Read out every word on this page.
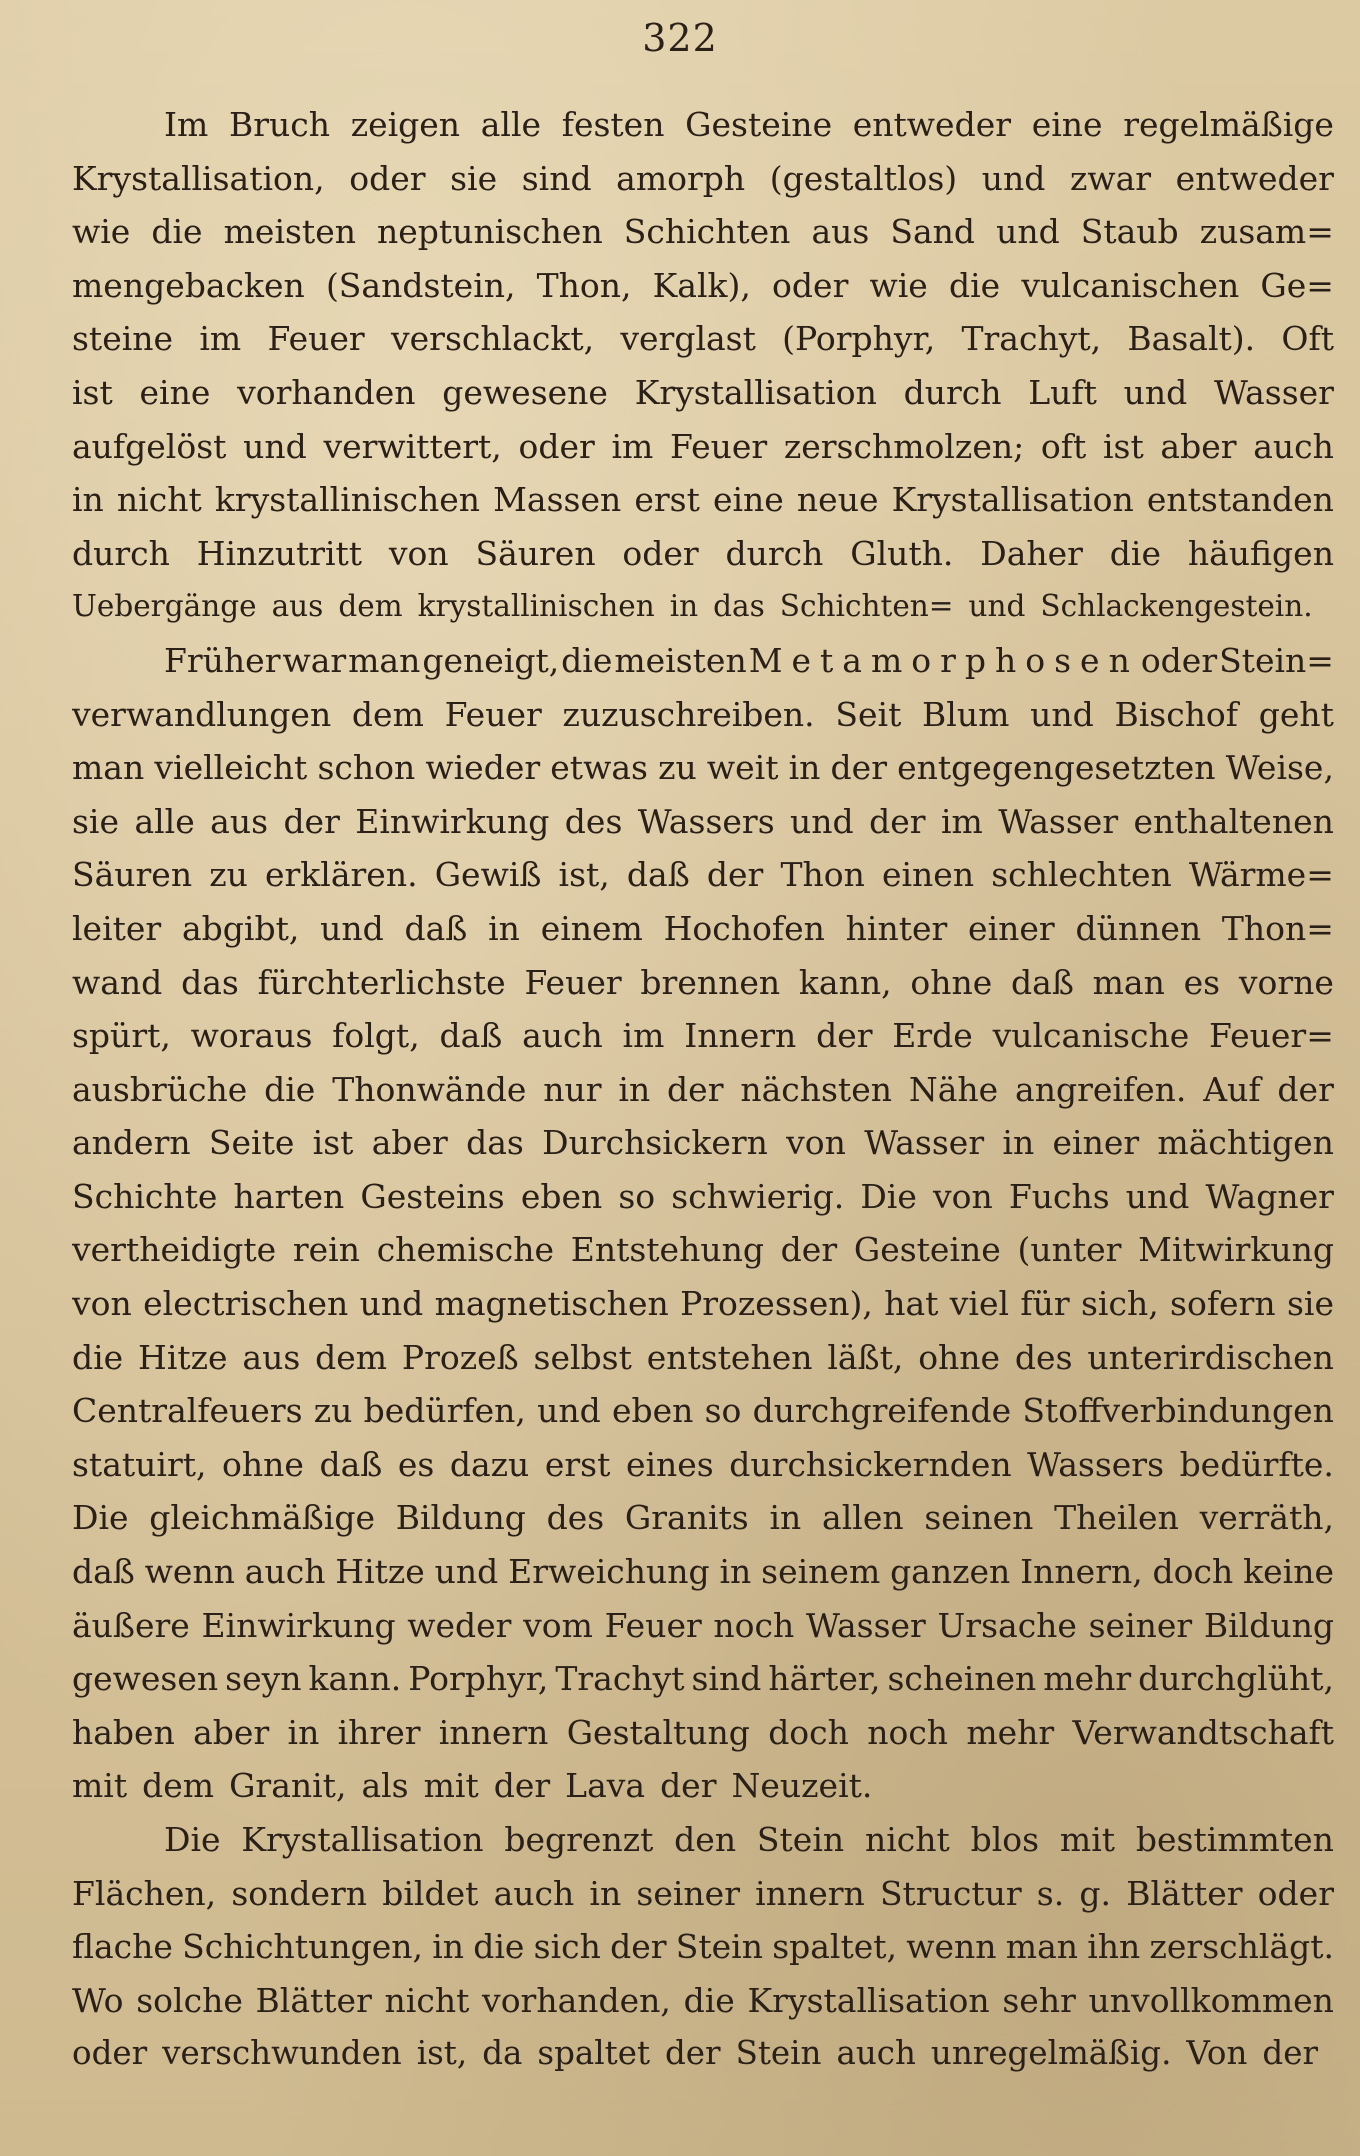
322
Im Bruch zeigen alle festen Gesteine entweder eine regelmäßige
Krystallisation, oder sie sind amorph (gestaltlos) und zwar entweder
wie die meisten neptunischen Schichten aus Sand und Staub zusam=
mengebacken (Sandstein, Thon, Kalk), oder wie die vulcanischen Ge=
steine im Feuer verschlackt, verglast (Porphyr, Trachyt, Basalt). Oft
ist eine vorhanden gewesene Krystallisation durch Luft und Wasser
aufgelöst und verwittert, oder im Feuer zerschmolzen; oft ist aber auch
in nicht krystallinischen Massen erst eine neue Krystallisation entstanden
durch Hinzutritt von Säuren oder durch Gluth. Daher die häufigen
Uebergänge aus dem krystallinischen in das Schichten= und Schlackengestein.
Früher war man geneigt, die meisten Metamorphosen oder Stein=
verwandlungen dem Feuer zuzuschreiben. Seit Blum und Bischof geht
man vielleicht schon wieder etwas zu weit in der entgegengesetzten Weise,
sie alle aus der Einwirkung des Wassers und der im Wasser enthaltenen
Säuren zu erklären. Gewiß ist, daß der Thon einen schlechten Wärme=
leiter abgibt, und daß in einem Hochofen hinter einer dünnen Thon=
wand das fürchterlichste Feuer brennen kann, ohne daß man es vorne
spürt, woraus folgt, daß auch im Innern der Erde vulcanische Feuer=
ausbrüche die Thonwände nur in der nächsten Nähe angreifen. Auf der
andern Seite ist aber das Durchsickern von Wasser in einer mächtigen
Schichte harten Gesteins eben so schwierig. Die von Fuchs und Wagner
vertheidigte rein chemische Entstehung der Gesteine (unter Mitwirkung
von electrischen und magnetischen Prozessen), hat viel für sich, sofern sie
die Hitze aus dem Prozeß selbst entstehen läßt, ohne des unterirdischen
Centralfeuers zu bedürfen, und eben so durchgreifende Stoffverbindungen
statuirt, ohne daß es dazu erst eines durchsickernden Wassers bedürfte.
Die gleichmäßige Bildung des Granits in allen seinen Theilen verräth,
daß wenn auch Hitze und Erweichung in seinem ganzen Innern, doch keine
äußere Einwirkung weder vom Feuer noch Wasser Ursache seiner Bildung
gewesen seyn kann. Porphyr, Trachyt sind härter, scheinen mehr durchglüht,
haben aber in ihrer innern Gestaltung doch noch mehr Verwandtschaft
mit dem Granit, als mit der Lava der Neuzeit.
Die Krystallisation begrenzt den Stein nicht blos mit bestimmten
Flächen, sondern bildet auch in seiner innern Structur s. g. Blätter oder
flache Schichtungen, in die sich der Stein spaltet, wenn man ihn zerschlägt.
Wo solche Blätter nicht vorhanden, die Krystallisation sehr unvollkommen
oder verschwunden ist, da spaltet der Stein auch unregelmäßig. Von der
